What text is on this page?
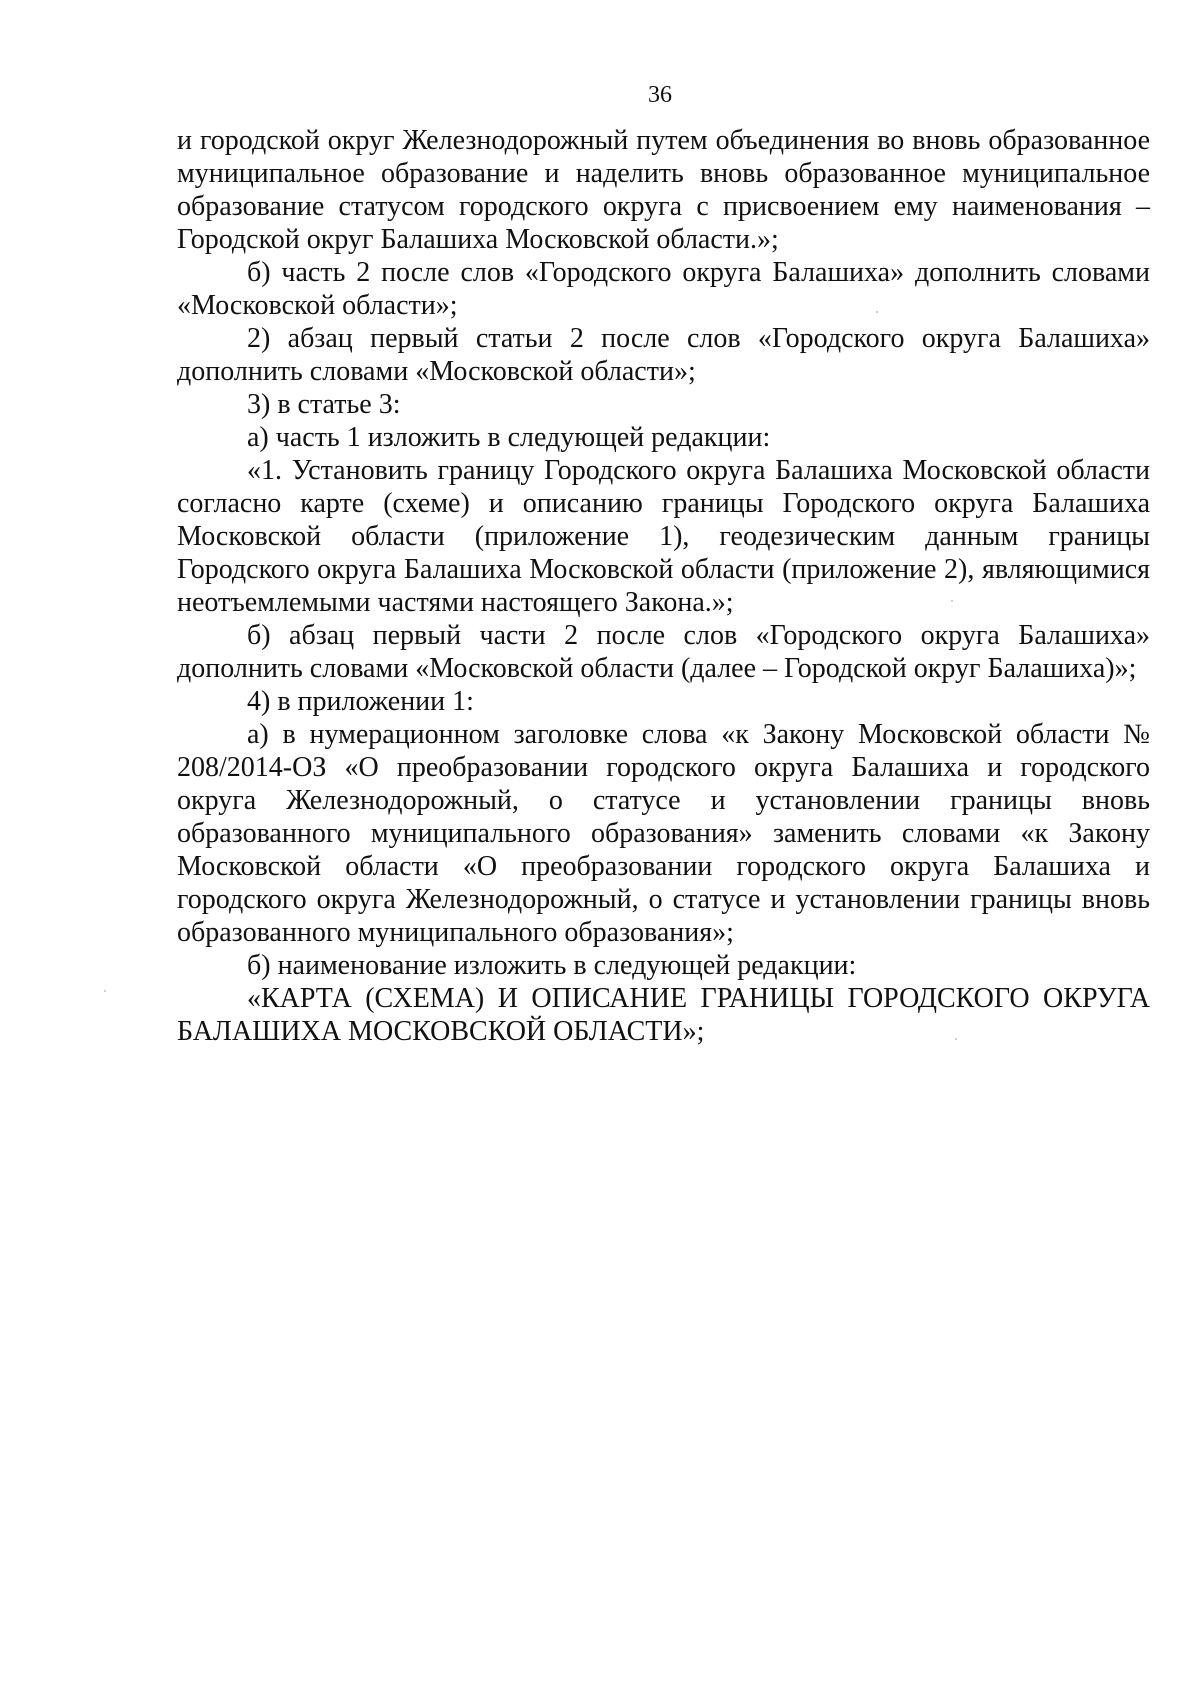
36

и городской округ Железнодорожный путем объединения во вновь образованное муниципальное образование и наделить вновь образованное муниципальное образование статусом городского округа с присвоением ему наименования – Городской округ Балашиха Московской области.»;

б) часть 2 после слов «Городского округа Балашиха» дополнить словами «Московской области»;

2) абзац первый статьи 2 после слов «Городского округа Балашиха» дополнить словами «Московской области»;

3) в статье 3:

а) часть 1 изложить в следующей редакции:

«1. Установить границу Городского округа Балашиха Московской области согласно карте (схеме) и описанию границы Городского округа Балашиха Московской области (приложение 1), геодезическим данным границы Городского округа Балашиха Московской области (приложение 2), являющимися неотъемлемыми частями настоящего Закона.»;

б) абзац первый части 2 после слов «Городского округа Балашиха» дополнить словами «Московской области (далее – Городской округ Балашиха)»;

4) в приложении 1:

а) в нумерационном заголовке слова «к Закону Московской области № 208/2014-ОЗ «О преобразовании городского округа Балашиха и городского округа Железнодорожный, о статусе и установлении границы вновь образованного муниципального образования» заменить словами «к Закону Московской области «О преобразовании городского округа Балашиха и городского округа Железнодорожный, о статусе и установлении границы вновь образованного муниципального образования»;

б) наименование изложить в следующей редакции:

«КАРТА (СХЕМА) И ОПИСАНИЕ ГРАНИЦЫ ГОРОДСКОГО ОКРУГА БАЛАШИХА МОСКОВСКОЙ ОБЛАСТИ»;
